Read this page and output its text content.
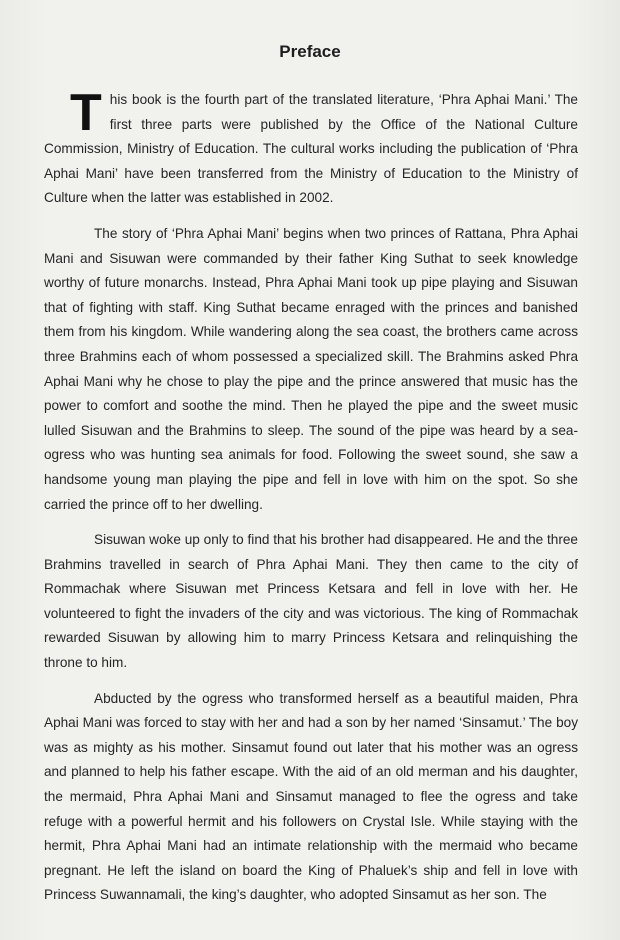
Preface

T his book is the fourth part of the translated literature, ‘Phra Aphai Mani.’ The first three parts were published by the Office of the National Culture Commission, Ministry of Education. The cultural works including the publication of ‘Phra Aphai Mani’ have been transferred from the Ministry of Education to the Ministry of Culture when the latter was established in 2002.

The story of ‘Phra Aphai Mani’ begins when two princes of Rattana, Phra Aphai Mani and Sisuwan were commanded by their father King Suthat to seek knowledge worthy of future monarchs. Instead, Phra Aphai Mani took up pipe playing and Sisuwan that of fighting with staff. King Suthat became enraged with the princes and banished them from his kingdom. While wandering along the sea coast, the brothers came across three Brahmins each of whom possessed a specialized skill. The Brahmins asked Phra Aphai Mani why he chose to play the pipe and the prince answered that music has the power to comfort and soothe the mind. Then he played the pipe and the sweet music lulled Sisuwan and the Brahmins to sleep. The sound of the pipe was heard by a sea-ogress who was hunting sea animals for food. Following the sweet sound, she saw a handsome young man playing the pipe and fell in love with him on the spot. So she carried the prince off to her dwelling.

Sisuwan woke up only to find that his brother had disappeared. He and the three Brahmins travelled in search of Phra Aphai Mani. They then came to the city of Rommachak where Sisuwan met Princess Ketsara and fell in love with her. He volunteered to fight the invaders of the city and was victorious. The king of Rommachak rewarded Sisuwan by allowing him to marry Princess Ketsara and relinquishing the throne to him.

Abducted by the ogress who transformed herself as a beautiful maiden, Phra Aphai Mani was forced to stay with her and had a son by her named ‘Sinsamut.’ The boy was as mighty as his mother. Sinsamut found out later that his mother was an ogress and planned to help his father escape. With the aid of an old merman and his daughter, the mermaid, Phra Aphai Mani and Sinsamut managed to flee the ogress and take refuge with a powerful hermit and his followers on Crystal Isle. While staying with the hermit, Phra Aphai Mani had an intimate relationship with the mermaid who became pregnant. He left the island on board the King of Phaluek’s ship and fell in love with Princess Suwannamali, the king’s daughter, who adopted Sinsamut as her son. The
